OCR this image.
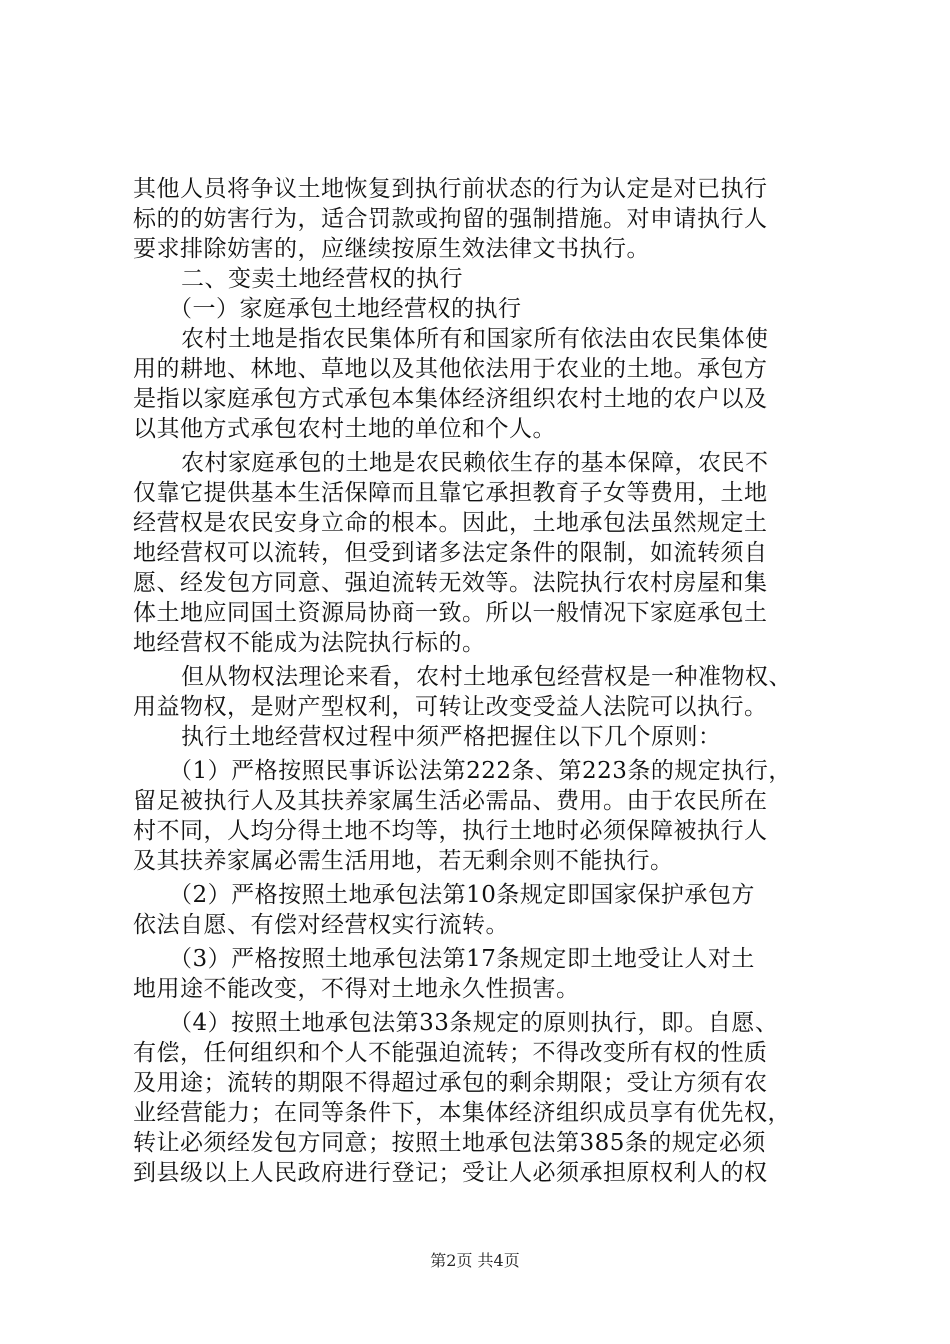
其他人员将争议土地恢复到执行前状态的行为认定是对已执行
标的的妨害行为，适合罚款或拘留的强制措施。对申请执行人
要求排除妨害的，应继续按原生效法律文书执行。
二、变卖土地经营权的执行
（一）家庭承包土地经营权的执行
农村土地是指农民集体所有和国家所有依法由农民集体使
用的耕地、林地、草地以及其他依法用于农业的土地。承包方
是指以家庭承包方式承包本集体经济组织农村土地的农户以及
以其他方式承包农村土地的单位和个人。
农村家庭承包的土地是农民赖依生存的基本保障，农民不
仅靠它提供基本生活保障而且靠它承担教育子女等费用，土地
经营权是农民安身立命的根本。因此，土地承包法虽然规定土
地经营权可以流转，但受到诸多法定条件的限制，如流转须自
愿、经发包方同意、强迫流转无效等。法院执行农村房屋和集
体土地应同国土资源局协商一致。所以一般情况下家庭承包土
地经营权不能成为法院执行标的。
但从物权法理论来看，农村土地承包经营权是一种准物权、
用益物权，是财产型权利，可转让改变受益人法院可以执行。
执行土地经营权过程中须严格把握住以下几个原则：
（1）严格按照民事诉讼法第222条、第223条的规定执行，
留足被执行人及其扶养家属生活必需品、费用。由于农民所在
村不同，人均分得土地不均等，执行土地时必须保障被执行人
及其扶养家属必需生活用地，若无剩余则不能执行。
（2）严格按照土地承包法第10条规定即国家保护承包方
依法自愿、有偿对经营权实行流转。
（3）严格按照土地承包法第17条规定即土地受让人对土
地用途不能改变，不得对土地永久性损害。
（4）按照土地承包法第33条规定的原则执行，即。自愿、
有偿，任何组织和个人不能强迫流转；不得改变所有权的性质
及用途；流转的期限不得超过承包的剩余期限；受让方须有农
业经营能力；在同等条件下，本集体经济组织成员享有优先权，
转让必须经发包方同意；按照土地承包法第385条的规定必须
到县级以上人民政府进行登记；受让人必须承担原权利人的权
第2页 共4页
